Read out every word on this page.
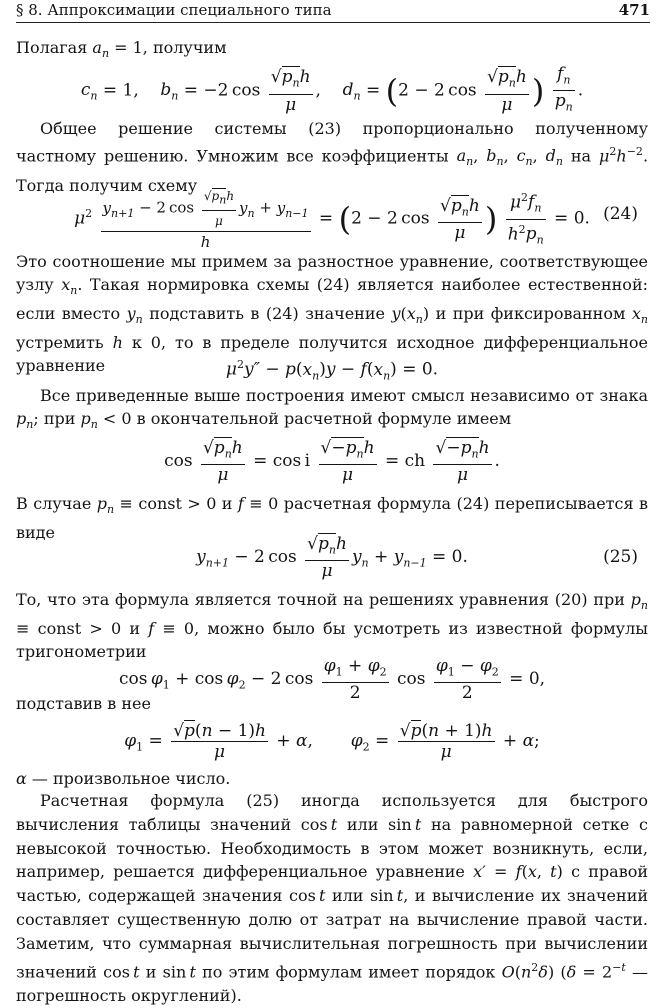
§ 8. Аппроксимации специального типа	471

Полагая $a_n = 1$, получим

$c_n = 1$,    $b_n = -2$ $\cos \frac{√p_nh}{\mu}$ ,    $d_n = (2 - 2$ $\cos \frac{√p_nh}{\mu}$ ) $\frac{f_n}{p_n}$ .

Общее решение системы (23) пропорционально полученному частному решению. Умножим все коэффициенты $a_n$, $b_n$, $c_n$, $d_n$ на $\mu^2h^{-2}$. Тогда получим схему

$\mu^2 \frac{y_{n+1} - 2 \cos \frac{√p_nh}{\mu} y_n + y_{n-1}}{h} = (2 - 2$ $\cos \frac{√p_nh}{\mu}$ ) $\frac{\mu^2f_n}{h^2p_n} = 0$. (24)

Это соотношение мы примем за разностное уравнение, соответствующее узлу $x_n$. Такая нормировка схемы (24) является наиболее естественной: если вместо $y_n$ подставить в (24) значение $y(x_n)$ и при фиксированном $x_n$ устремить h к 0, то в пределе получится исходное дифференциальное уравнение	$\mu^2y'' - p(x_n)y - f(x_n) = 0$.

Все приведенные выше построения имеют смысл независимо от знака $p_n$; при $p_n < 0$ в окончательной расчетной формуле имеем

$\cos \frac{√p_nh}{\mu} = \cos i \frac{√-p_nh}{\mu}$ = ch $\frac{√-p_nh}{\mu}$ .

В случае $p_n$ ≡ const > 0 и f ≡ 0 расчетная формула (24) переписывается в виде

$y_{n+1} - 2$ $\cos \frac{√p_nh}{\mu} y_n + y_{n-1} = 0$.	(25)

То, что эта формула является точной на решениях уравнения (20) при $p_n$ ≡ const > 0 и f ≡ 0, можно было бы усмотреть из известной формулы тригонометрии

$\cos \varphi_1 + \cos \varphi_2 - 2$ $\cos \frac{\varphi_1 + \varphi_2}{2}$ $\cos \frac{\varphi_1 - \varphi_2}{2} = 0$,

подставив в нее

$\varphi_1 = \frac{√p(n - 1)h}{\mu} + \alpha$,       $\varphi_2 = \frac{√p(n + 1)h}{\mu} + \alpha$;

α — произвольное число.

Расчетная формула (25) иногда используется для быстрого вычисления таблицы значений cos t или sin t на равномерной сетке с невысокой точностью. Необходимость в этом может возникнуть, если, например, решается дифференциальное уравнение x′ = f(x, t) с правой частью, содержащей значения cos t или sin t, и вычисление их значений составляет существенную долю от затрат на вычисление правой части. Заметим, что суммарная вычислительная погрешность при вычислении значений cos t и sin t по этим формулам имеет порядок $O(n^2\delta) (\delta = 2^{-t}$ — погрешность округлений).
